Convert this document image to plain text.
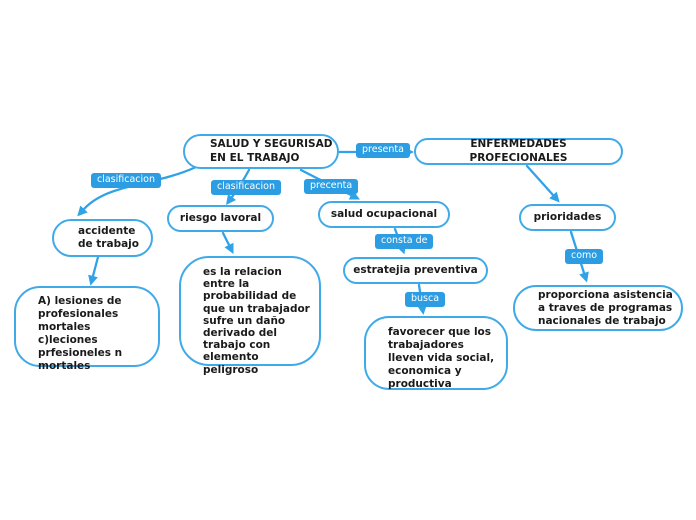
SALUD Y SEGURISAD
EN EL TRABAJO
ENFERMEDADES PROFECIONALES
accidente
de trabajo
A) lesiones de
profesionales
mortales
c)leciones
prfesioneles n
mortales
riesgo lavoral
es la relacion
entre la
probabilidad de
que un trabajador
sufre un daño
derivado del
trabajo con
elemento
peligroso
salud ocupacional
estratejia preventiva
favorecer que los
trabajadores
lleven vida social,
economica y
productiva
prioridades
proporciona asistencia
a traves de programas
nacionales de trabajo
presenta
clasificacion
clasificacion	precenta
consta de
busca
como
